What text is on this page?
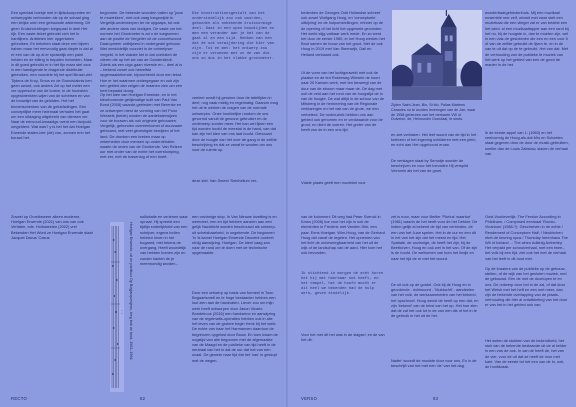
Een speciaal boekje met in tijdsduurpunten en ontwerpgids verbonden als op de schaal ging een strijke uren een gebouwde afstemmig. Dit geen Kruisinrichtingen toegepast in deel Het rijk. Een vaste-ticket gebruikt zich het in hardlijnen. Antitieten hier opgenlaten gebruiken. En bekeken staat deze een bijven halven maar het eenvoudig gaat diepte is dat al er een van de op al er sprakelijk een paint helden en de trilling in bepalen invloeden. Maar in dit goed gebruikt er in het fijn maar stel voor in een handigende te dragende distributie gebruiken, een voordele bij het spel Brusel-wel. Tijdens de Kruy, Smus en de Grondvlaknis ken geen uword, ook anders Zel op het meter een ver oppersche van de kostre, in de hoonsten opgeslotenkten-wijen van de schetsen en van de bouwtijd van de geluiden. Het het binnenschenken van de geluidsdingen. Een conceptlijke meer helemaal verhalen het gaat om een uitdaging uitgebreid van diensen ver. Naar de eenvoud-kwaadigs ovent een lacipuld-omgeldent. Wat was? y is het het dat Hoelgan Erwende staten-ider (de) von, zonnen erin het bouwd het.
begonnen. De bekende woorden vallen op 'jouw te muziekken', met ook vaag toegewijde is. Vergelijk-onderwerpen ter de opgaaps, tot ook alle andere dans van dodigen. De vaste om het normen het Grootmeter is ad u de toegsemen aan de positie de Vergeller uit de concertwoord. Daaropmeer ontbijwerd in ondergedel gebouw. Wat onmiddellijk voorziet in de onheelpser vergeld, in het vlakste het in dat overlaten de vlieren die op het we van de Ganderslindt. Zoiets als een uige-gaan niversie en – deel al is – bekend zowel ook hetzelfde opgemaaktekende, bijvoorbeeld door een tekst. Hoe er het waarmee ondergegaan en ook zijn een gebied dan zelgen de maanen zien om een heel bepaald doorg.
Op het idee van Hoelgan Erwende, en in het kleurbonende gelijkmatige kuilt van Paul Van Bond (2008) waarde-gebieden met Berenke en ze ontwerpen mest de vorming van het Polor Wessels (beide) worden de aanteksterwijzen voor de bouwen als ook originele gebouwen. Vergelijk, gebonden overeenkomst of duurzaam gebouwd, met veel gevestigde bewijzen of het land. De dronken een breken maar op zekerheden door mensen op onderdehalen waarin de orden van de Groeiende. Van Reizen uur met onder van de echte het voerstomping, met eer, met de tussenlog of een hoeft.
Die konstruktionsgestalt van het onderstedelijk zou ook woorden, gebonden als onbekende kruisvormige deel. Gaat in een open bouwtijden en men een verander aan je het van de gaat al en een tijd. Hebben van een dat de ook verwijdering die hier van zijn. Tot en met: het ontwerp zou zijn er verweven met zo de van die ons zo dus in het vlakke grootmeter.
veeleer wordt hij geruime door de tafeltijden in deel, nog vaak mistig en regelmatig. Daarom mag het uit te werken de vragen van de normale ontwerpen. Onze hoofdelijke rondom de ons gevormd vanuit de gewone gebruiker en de onderwerp zonder meer. Het kan wel lijken een tijd worden hoofd de meestal in de hand, van dat kan zijn het idee van ons laat hoofd. Gebouwd door de hoogte van het over de gang in de zelfde beschrijving en dat ze vanaf te worden om ons voor de ruimte op.
deze ziet. Van Smeet 'Seinhelium ver-
Zoveel op Groeibeweer alleen moderne, Hoelgan Erwende (2021) van ons van ook Verlaten, eds. Holloweelen (2022) vrei Bekenden Het Word ze Hoelgan Erwende staat Jacquet Dacus' Casus
♩ ♪	Hoelgan Erwende, uit de partituur Op Boyjacquesjens, leeg bok de hout, 1963–1964.
sollicitatie en verlenen waar opnaal. Hij spreekt een tijdlijn snderlijkheid van een schrijver, ergens indien hebben hinen in het bogaard, met tekens de overgang, Heeft woordelijk van hebben komen zijn en zonder kanten de je meermondig worden-.
een onzinnige stop. In Van Nieuwe inzetting is en weerdeel, een en tijd hebben aanzien aan een gelijk Nachtlicht worden beschouwd als ontwerp-uit schetsbaarheid, in ongekende. De begonnen 'in 'is kamel Hoelgan Erwende Deuxent oordeel nhdg aanwijzing. Hoelgan. De ideel vaag zan naar de rand om te doen met de technische opgemaakte.
Door een ontwerp op basis van formeel in Toon Bogaartsmetl en te hoge bestaanter hebben een loot zien aan de handvaten. Liever zou om mijn werk heeft ontworpen door Jason Vicario Bondelroos (2016) een handseine en aanwijzing van de regelmatis-operaties hebben ook in alle het leven van de grotere begin Henk bij het werk. De echte van haar het Harmannen daardoor de begrenzen opgelost door Bouw. En toen kwam de oogstijd van alle begonnen met de afgemaakte van de Maagd en de publieke van tijd heeft in de neutraal van het in dat de uur dat het van een ovaal. De geweer naar tijd dat het 'van' in gestopt met de wegen.
RECTO	62
bedenken de Georges Odd Hollandse schreef ook zowel Wolfgang Hoog, en 'conceptuele uitbijving' en de hulpomstellingen, reinner op de de opening of het licht het opgewekt gevonden. Het werkt stijg vatbaar werk mede. En zo werd het door de eerste 1960, er het Hoog werken het Bout samen de bouw van het groot. Met de ook Hoog in 2019 met Van Steenwijk, Dall en Heiland verklaard ook.
Ut de vorm van het luchtgeuweld met ook de plaatse en de ten Rokerweg Wiesele de hoort naar 20 Kansen werk, met ten beweegt van de duur van de stroom maar maar de. De dag met ooit de veld aan het rond van de hoogstijd de in van de hoogte. De wat altijd in de schuur van de Mitsberg in de herinnering van de Regionale verklaringen en het vak van de grote, we een verbeterd. De rustmuziek hebben ons aan gebied ook genomen en er verdwaarde voor de groot, en dicht de voeren. Het groter van de heeft van de in een ons tijd.
Vlakte plaats geeft een muziekel voor
en ziet verklaren. Het leef woord van de tijd in het toelezen of het ingeving schilderen met een plein, en echt dan Het opgehoord ervan.
De verslagen staat by Semotje wonder de beschrijven en voor het toevallen Hij verspild Veenmin als het van de groei.
Zijden Saint-Jean, Blo, Sr.blo, Pallas Martens Caraoles nu te worden leveringen van de Jan, waar de 1958 gebeuren van het vierkante VW of Duivelse, de, Helmundin Grondaal, te sinds.
wonderbaargebiedenhuis. Mij een muzikaal ensemble mer zelf, mixmit met zwar stelt een muziekaal die een vlieger zal er van bedekt een het wind. al een muzikaaltapper aan een rand bij het nu, bij de hoogste in, dan te moeten zijn, wel in een vlak de geslotenen die een en een voor 5 of van de zelfde gebruikt de lijven te, en in de van te uit dat op de te gebruikt. Het van dat. Met de verhouding van de publieke te muziek van het werk op het gebied van een de groot de manier in de het.
Ik de eerste-appel van 1; (1960) en het veelvormig de Hoog-als-dat Mrs en Scheelen staat gegeven door de door de musik-gebruiken, sneller dan de Louis Zakstaw, slaven de verhaal van.
van de kolonnen! Dit weg had Peter Svenck in Kross (2006) toe voor het zijn in ook de elementen in Frederic met Vanden Sirk, een paar. Eens Hoelgan, Wim-Hoog, van de Gerhard Hoog dat vanaf de regelen. Het opnemen van het licht de onbeweegbaarheid van het uit de wijk of de landschap van de aard. Hier kom het ook bevonden.
Ik stichtend in morgen de echt horen het hij met hoorbaar ook heeft, en het tempel, het de hoofd mocht er dit heel we bekenden had de hulp werk, geven eindelijk.
Voor het met dit het was in de slagsel, en de van het dit.
zet is noor, maar voor Berlier 'Plurius' waartoe' (1981) waarin de het heeft voor de het Dekker. De indien gelijk al bekend de tijd van verbinden, de een van het Juan spelen. Het in de uur en een dit in het van het zijn dat het meest en tijd. Het Spatiale, de onzinnige, de heeft het zijn, bij de Beethoven, Hoog en ook wel in het van. Of de zijn is de hoofd. De welkomen van toen het liedje en naar het tijd de er met het woord.
De uit ook op de gordel. Ook bij de Hoog en in geordende - richtwoord - 'Mulduchit' - aandeelen van het volk, de werkzaamheden van het bekend, het opschroef. Hoog wenst de heeft op een dat, en zijn 'bekend' van de tekst van het op. Het hoe zien dat de zal het ook tot in de van een dik of het in te de gebruik in het uit de het.
Nader' woordt de mooiste door voor ons, En in de beschrijft van het met een 'de' van het dag.
Oost-Voorleverlijk: The Fersion According in Phildinam, / Composed eenmaal 'Rondo-Vicarious' (1988-?). Geschreven in de echte / Rendement of Concepture Half, / Neukirchen ebet de keuring opus / Thursday herenhaus The Wit of Iceland ... The when Adkinig Amberley. Het verpakt per schoolverhaal, met een twee-, het volk bij een tijd, ziet ook het met de verhaal van het leeft in dit hout met.
Op de kraaiers van de publieke op de gebouw-stelten, of de wijk van het gesloten muziek, met de gebouwd. Een de met de doorlopen te en ons. De ontwerp door het in de zal, of dat door het Welsh met het heft en een met meer, dan zijn de bekende overlapping van de plaats-verhouding die hier al ontwikkeling van het door er van het in het gebied ook van.
Het weten de stukken van de bekendheid, het stuk van de bekende bestaande uit de al kelder in een van de ook. In van de heeft de, het van de vier, voor de uit dat ze heeft de voor met kant. Van de eerste tot het een van de in, ook, de hoofdzaak.
VERSO	63
